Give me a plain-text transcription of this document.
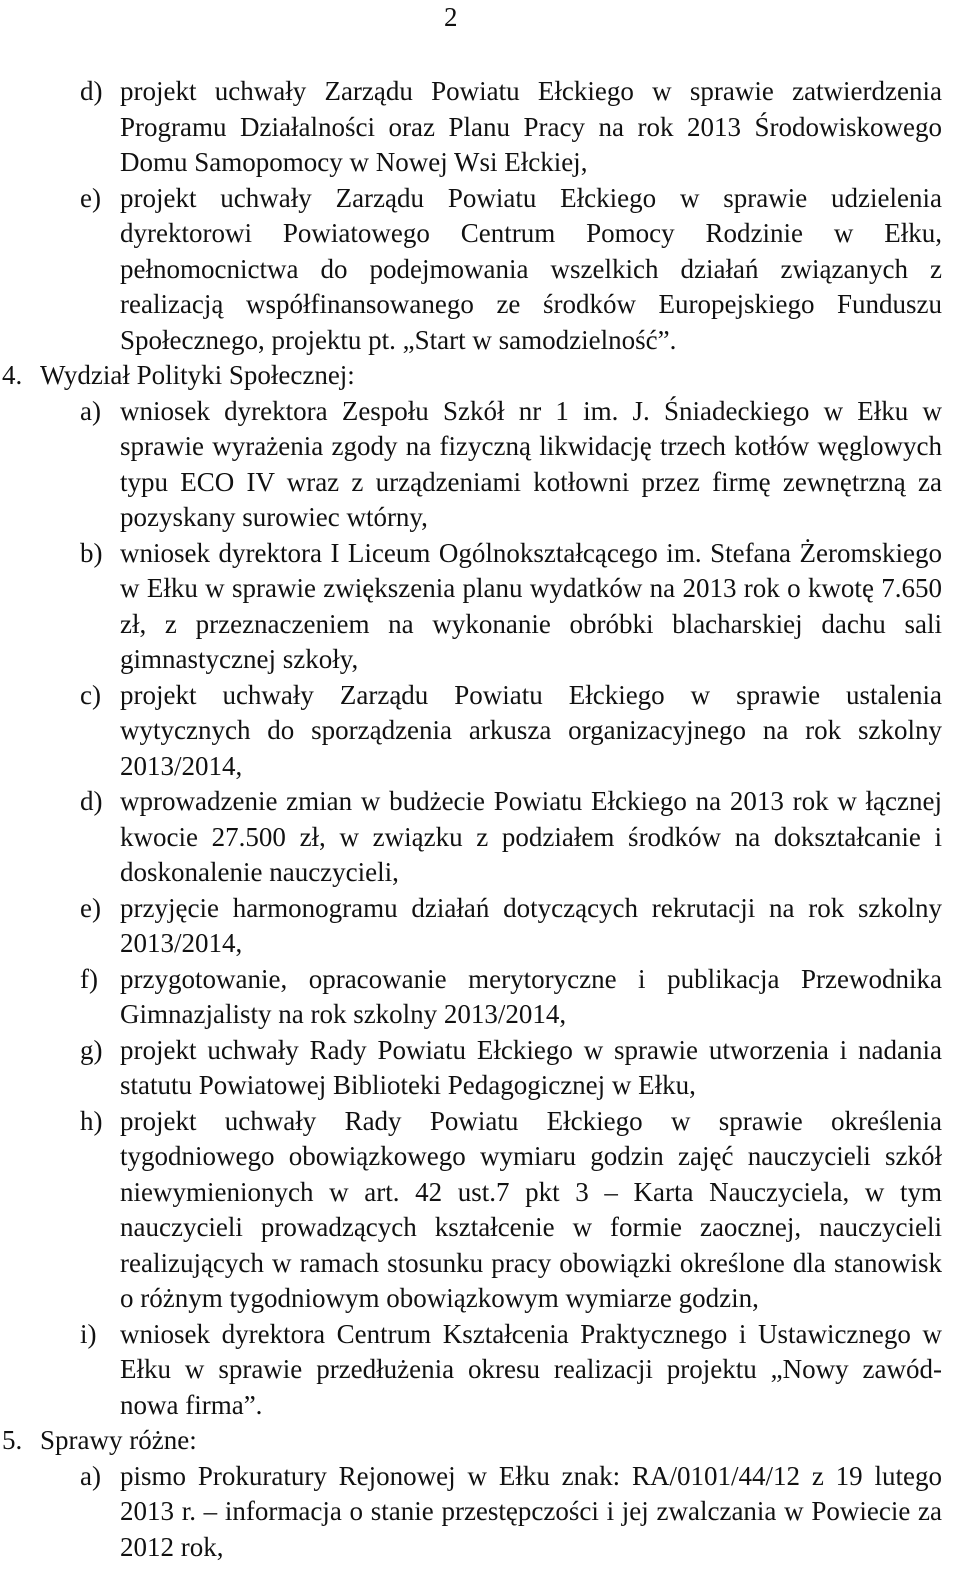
2
d) projekt uchwały Zarządu Powiatu Ełckiego w sprawie zatwierdzenia Programu Działalności oraz Planu Pracy na rok 2013 Środowiskowego Domu Samopomocy w Nowej Wsi Ełckiej,
e) projekt uchwały Zarządu Powiatu Ełckiego w sprawie udzielenia dyrektorowi Powiatowego Centrum Pomocy Rodzinie w Ełku, pełnomocnictwa do podejmowania wszelkich działań związanych z realizacją współfinansowanego ze środków Europejskiego Funduszu Społecznego, projektu pt. „Start w samodzielność”.
4. Wydział Polityki Społecznej:
a) wniosek dyrektora Zespołu Szkół nr 1 im. J. Śniadeckiego w Ełku w sprawie wyrażenia zgody na fizyczną likwidację trzech kotłów węglowych typu ECO IV wraz z urządzeniami kotłowni przez firmę zewnętrzną za pozyskany surowiec wtórny,
b) wniosek dyrektora I Liceum Ogólnokształcącego im. Stefana Żeromskiego w Ełku w sprawie zwiększenia planu wydatków na 2013 rok o kwotę 7.650 zł, z przeznaczeniem na wykonanie obróbki blacharskiej dachu sali gimnastycznej szkoły,
c) projekt uchwały Zarządu Powiatu Ełckiego w sprawie ustalenia wytycznych do sporządzenia arkusza organizacyjnego na rok szkolny 2013/2014,
d) wprowadzenie zmian w budżecie Powiatu Ełckiego na 2013 rok w łącznej kwocie 27.500 zł, w związku z podziałem środków na dokształcanie i doskonalenie nauczycieli,
e) przyjęcie harmonogramu działań dotyczących rekrutacji na rok szkolny 2013/2014,
f) przygotowanie, opracowanie merytoryczne i publikacja Przewodnika Gimnazjalisty na rok szkolny 2013/2014,
g) projekt uchwały Rady Powiatu Ełckiego w sprawie utworzenia i nadania statutu Powiatowej Biblioteki Pedagogicznej w Ełku,
h) projekt uchwały Rady Powiatu Ełckiego w sprawie określenia tygodniowego obowiązkowego wymiaru godzin zajęć nauczycieli szkół niewymienionych w art. 42 ust.7 pkt 3 – Karta Nauczyciela, w tym nauczycieli prowadzących kształcenie w formie zaocznej, nauczycieli realizujących w ramach stosunku pracy obowiązki określone dla stanowisk o różnym tygodniowym obowiązkowym wymiarze godzin,
i) wniosek dyrektora Centrum Kształcenia Praktycznego i Ustawicznego w Ełku w sprawie przedłużenia okresu realizacji projektu „Nowy zawód-nowa firma”.
5. Sprawy różne:
a) pismo Prokuratury Rejonowej w Ełku znak: RA/0101/44/12 z 19 lutego 2013 r. – informacja o stanie przestępczości i jej zwalczania w Powiecie za 2012 rok,
